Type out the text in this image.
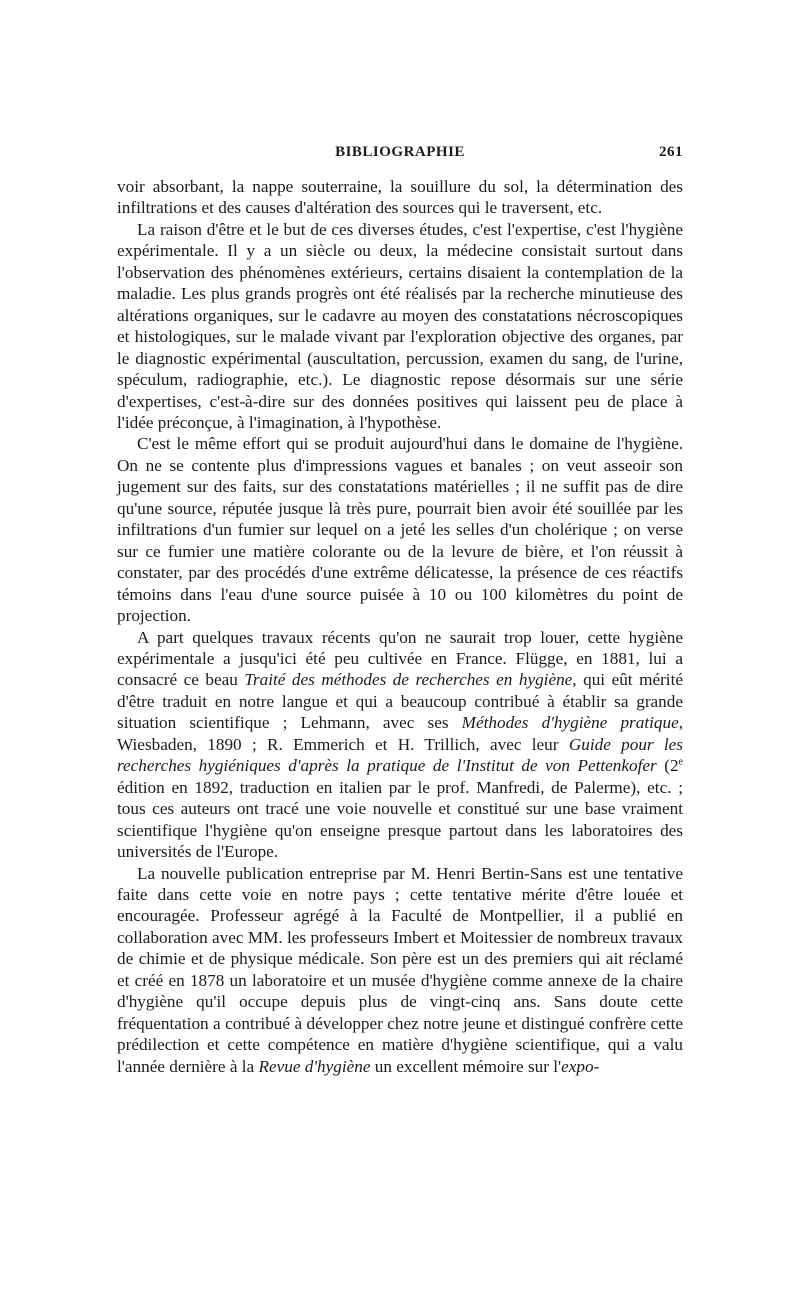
BIBLIOGRAPHIE	261

voir absorbant, la nappe souterraine, la souillure du sol, la détermination des infiltrations et des causes d'altération des sources qui le traversent, etc.

La raison d'être et le but de ces diverses études, c'est l'expertise, c'est l'hygiène expérimentale. Il y a un siècle ou deux, la médecine consistait surtout dans l'observation des phénomènes extérieurs, certains disaient la contemplation de la maladie. Les plus grands progrès ont été réalisés par la recherche minutieuse des altérations organiques, sur le cadavre au moyen des constatations nécroscopiques et histologiques, sur le malade vivant par l'exploration objective des organes, par le diagnostic expérimental (auscultation, percussion, examen du sang, de l'urine, spéculum, radiographie, etc.). Le diagnostic repose désormais sur une série d'expertises, c'est-à-dire sur des données positives qui laissent peu de place à l'idée préconçue, à l'imagination, à l'hypothèse.

C'est le même effort qui se produit aujourd'hui dans le domaine de l'hygiène. On ne se contente plus d'impressions vagues et banales ; on veut asseoir son jugement sur des faits, sur des constatations matérielles ; il ne suffit pas de dire qu'une source, réputée jusque là très pure, pourrait bien avoir été souillée par les infiltrations d'un fumier sur lequel on a jeté les selles d'un cholérique ; on verse sur ce fumier une matière colorante ou de la levure de bière, et l'on réussit à constater, par des procédés d'une extrême délicatesse, la présence de ces réactifs témoins dans l'eau d'une source puisée à 10 ou 100 kilomètres du point de projection.

A part quelques travaux récents qu'on ne saurait trop louer, cette hygiène expérimentale a jusqu'ici été peu cultivée en France. Flügge, en 1881, lui a consacré ce beau Traité des méthodes de recherches en hygiène, qui eût mérité d'être traduit en notre langue et qui a beaucoup contribué à établir sa grande situation scientifique ; Lehmann, avec ses Méthodes d'hygiène pratique, Wiesbaden, 1890 ; R. Emmerich et H. Trillich, avec leur Guide pour les recherches hygiéniques d'après la pratique de l'Institut de von Pettenkofer (2e édition en 1892, traduction en italien par le prof. Manfredi, de Palerme), etc. ; tous ces auteurs ont tracé une voie nouvelle et constitué sur une base vraiment scientifique l'hygiène qu'on enseigne presque partout dans les laboratoires des universités de l'Europe.

La nouvelle publication entreprise par M. Henri Bertin-Sans est une tentative faite dans cette voie en notre pays ; cette tentative mérite d'être louée et encouragée. Professeur agrégé à la Faculté de Montpellier, il a publié en collaboration avec MM. les professeurs Imbert et Moitessier de nombreux travaux de chimie et de physique médicale. Son père est un des premiers qui ait réclamé et créé en 1878 un laboratoire et un musée d'hygiène comme annexe de la chaire d'hygiène qu'il occupe depuis plus de vingt-cinq ans. Sans doute cette fréquentation a contribué à développer chez notre jeune et distingué confrère cette prédilection et cette compétence en matière d'hygiène scientifique, qui a valu l'année dernière à la Revue d'hygiène un excellent mémoire sur l'expo-
